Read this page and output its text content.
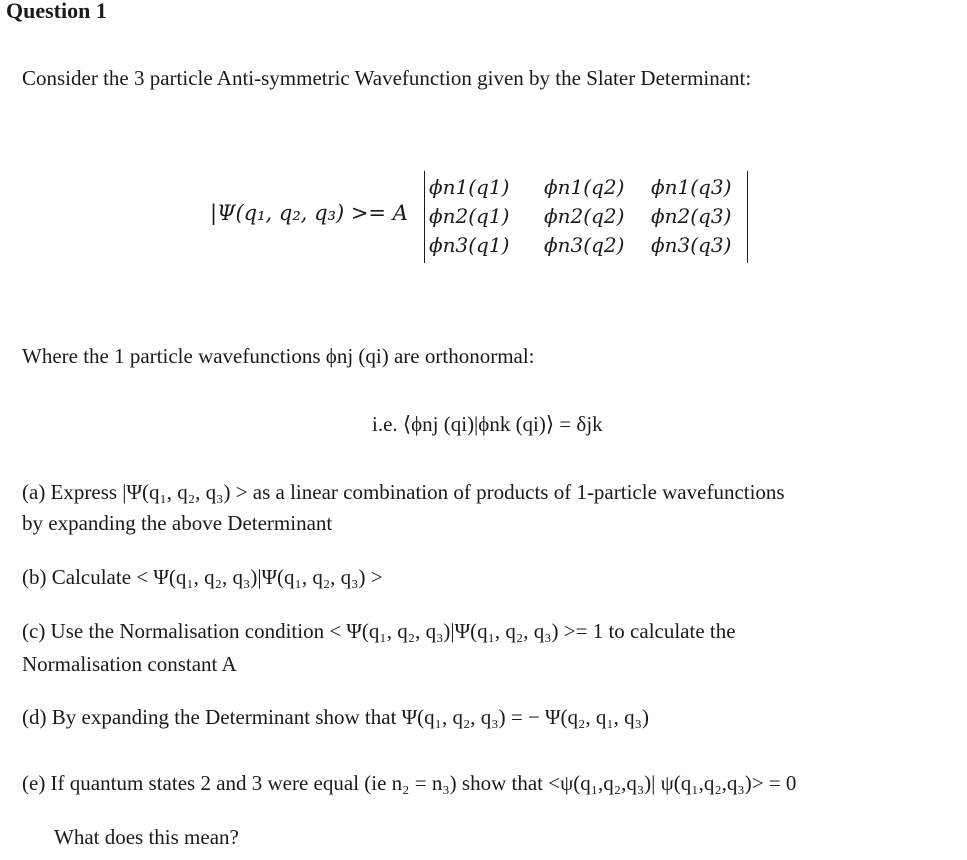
Question 1
Consider the 3 particle Anti-symmetric Wavefunction given by the Slater Determinant:
|Ψ(q₁, q₂, q₃) >= A
ϕn1(q1) ϕn1(q2) ϕn1(q3)
ϕn2(q1) ϕn2(q2) ϕn2(q3)
ϕn3(q1) ϕn3(q2) ϕn3(q3)
Where the 1 particle wavefunctions ϕnj (qi) are orthonormal:
i.e. ⟨ϕnj (qi)|ϕnk (qi)⟩ = δjk
(a) Express |Ψ(q₁, q₂, q₃) > as a linear combination of products of 1-particle wavefunctions
by expanding the above Determinant
(b) Calculate < Ψ(q₁, q₂, q₃)|Ψ(q₁, q₂, q₃) >
(c) Use the Normalisation condition < Ψ(q₁, q₂, q₃)|Ψ(q₁, q₂, q₃) >= 1 to calculate the
Normalisation constant A
(d) By expanding the Determinant show that Ψ(q₁, q₂, q₃) = − Ψ(q₂, q₁, q₃)
(e) If quantum states 2 and 3 were equal (ie n₂ = n₃) show that <ψ(q₁,q₂,q₃)| ψ(q₁,q₂,q₃)> = 0
What does this mean?
